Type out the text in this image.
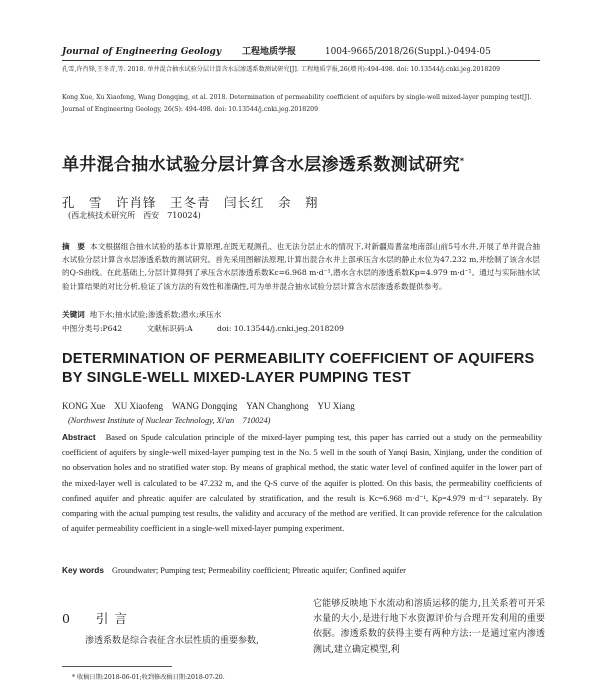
Journal of Engineering Geology 工程地质学报	1004-9665/2018/26(Suppl.)-0494-05
孔雪,许肖锋,王冬青,等. 2018. 单井混合抽水试验分层计算含水层渗透系数测试研究[J]. 工程地质学报,26(增刊):494-498. doi: 10.13544/j.cnki.jeg.2018209
Kong Xue, Xu Xiaofeng, Wang Dongqing, et al. 2018. Determination of permeability coefficient of aquifers by single-well mixed-layer pumping test[J]. Journal of Engineering Geology, 26(S): 494-498. doi: 10.13544/j.cnki.jeg.2018209
单井混合抽水试验分层计算含水层渗透系数测试研究*
孔　雪　许肖锋　王冬青　闫长红　余　翔
(西北核技术研究所　西安　710024)
摘　要 本文根据组合抽水试验的基本计算原理,在既无观测孔、也无法分层止水的情况下,对新疆焉耆盆地南部山前5号水井,开展了单井混合抽水试验分层计算含水层渗透系数的测试研究。首先采用图解法原理,计算出混合水井上部承压含水层的静止水位为47.232 m,并绘制了该含水层的Q-S曲线。在此基础上,分层计算得到了承压含水层渗透系数Kc=6.968 m·d⁻¹,潜水含水层的渗透系数Kp=4.979 m·d⁻¹。通过与实际抽水试验计算结果的对比分析,验证了该方法的有效性和准确性,可为单井混合抽水试验分层计算含水层渗透系数提供参考。
关键词 地下水;抽水试验;渗透系数;潜水;承压水
中图分类号:P642	文献标识码:A	doi: 10.13544/j.cnki.jeg.2018209
DETERMINATION OF PERMEABILITY COEFFICIENT OF AQUIFERS BY SINGLE-WELL MIXED-LAYER PUMPING TEST
KONG Xue　XU Xiaofeng　WANG Dongqing　YAN Changhong　YU Xiang
(Northwest Institute of Nuclear Technology, Xi'an　710024)
Abstract Based on Spude calculation principle of the mixed-layer pumping test, this paper has carried out a study on the permeability coefficient of aquifers by single-well mixed-layer pumping test in the No. 5 well in the south of Yanqi Basin, Xinjiang, under the condition of no observation holes and no stratified water stop. By means of graphical method, the static water level of confined aquifer in the lower part of the mixed-layer well is calculated to be 47.232 m, and the Q-S curve of the aquifer is plotted. On this basis, the permeability coefficients of confined aquifer and phreatic aquifer are calculated by stratification, and the result is Kc=6.968 m·d⁻¹, Kp=4.979 m·d⁻¹ separately. By comparing with the actual pumping test results, the validity and accuracy of the method are verified. It can provide reference for the calculation of aquifer permeability coefficient in a single-well mixed-layer pumping experiment.
Key words Groundwater; Pumping test; Permeability coefficient; Phreatic aquifer; Confined aquifer
0 引言
渗透系数是综合表征含水层性质的重要参数,
它能够反映地下水流动和溶质运移的能力,且关系着可开采水量的大小,是进行地下水资源评价与合理开发利用的重要依据。渗透系数的获得主要有两种方法:一是通过室内渗透测试,建立确定模型,利
* 收稿日期:2018-06-01;收到修改稿日期:2018-07-20.
